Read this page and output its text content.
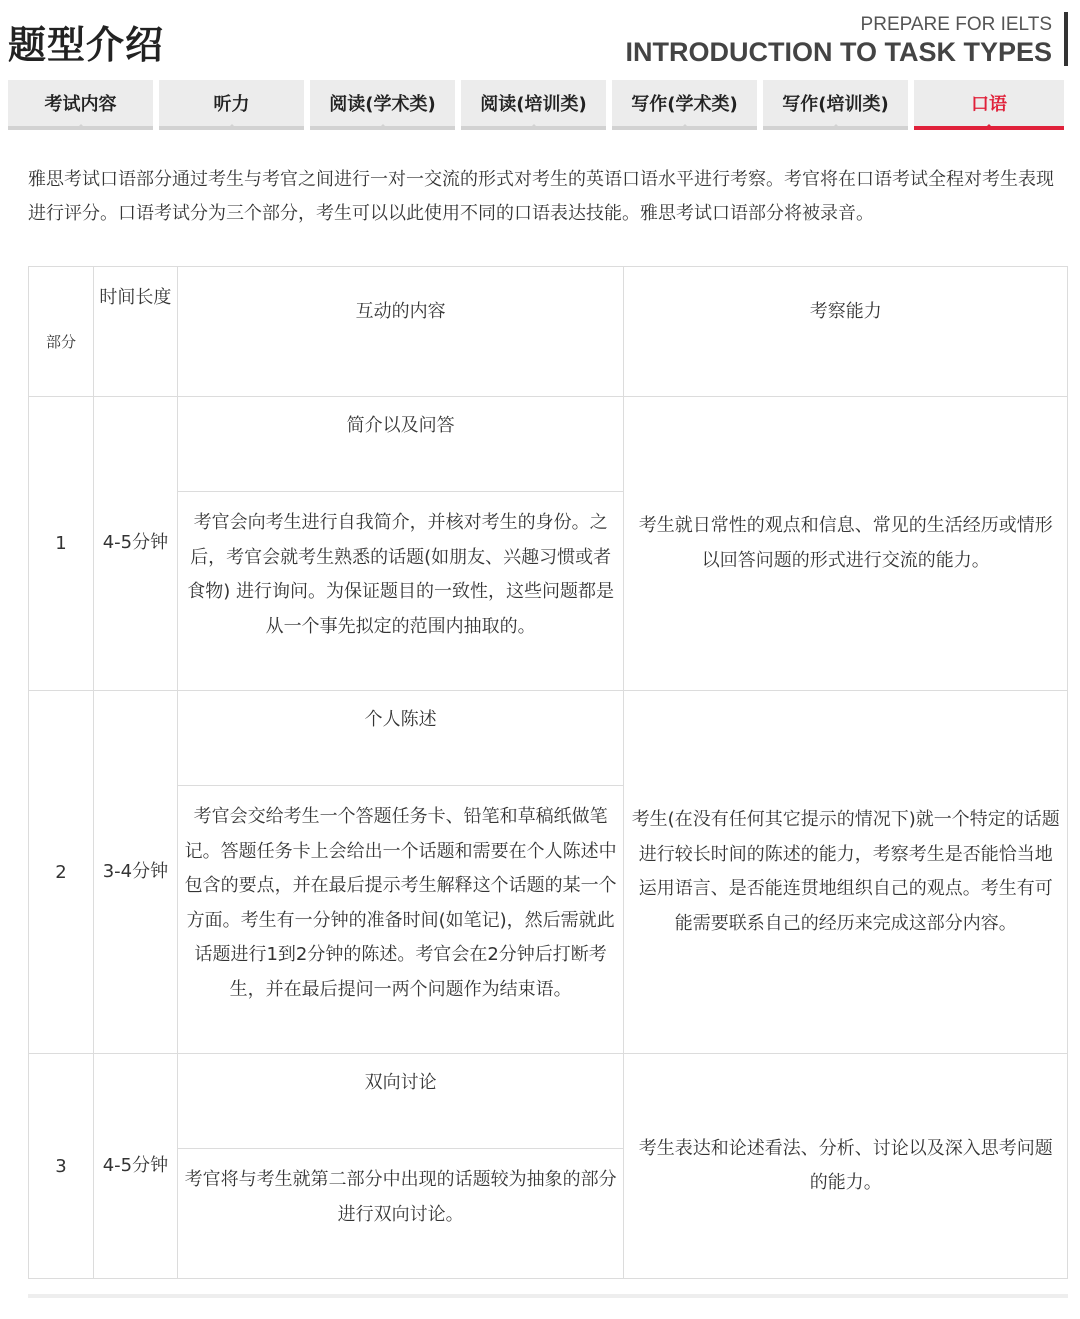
题型介绍	PREPARE FOR IELTS
INTRODUCTION TO TASK TYPES
考试内容	听力	阅读(学术类)	阅读(培训类)	写作(学术类)	写作(培训类)	口语

雅思考试口语部分通过考生与考官之间进行一对一交流的形式对考生的英语口语水平进行考察。考官将在口语考试全程对考生表现进行评分。口语考试分为三个部分，考生可以以此使用不同的口语表达技能。雅思考试口语部分将被录音。

部分	时间长度	互动的内容	考察能力
1	4-5分钟	简介以及问答	考生就日常性的观点和信息、常见的生活经历或情形以回答问题的形式进行交流的能力。

		考官会向考生进行自我简介，并核对考生的身份。之后，考官会就考生熟悉的话题(如朋友、兴趣习惯或者食物) 进行询问。为保证题目的一致性，这些问题都是从一个事先拟定的范围内抽取的。	

2	3-4分钟	个人陈述	考生(在没有任何其它提示的情况下)就一个特定的话题进行较长时间的陈述的能力，考察考生是否能恰当地运用语言、是否能连贯地组织自己的观点。考生有可能需要联系自己的经历来完成这部分内容。

		考官会交给考生一个答题任务卡、铅笔和草稿纸做笔记。答题任务卡上会给出一个话题和需要在个人陈述中包含的要点，并在最后提示考生解释这个话题的某一个方面。考生有一分钟的准备时间(如笔记)，然后需就此话题进行1到2分钟的陈述。考官会在2分钟后打断考生，并在最后提问一两个问题作为结束语。	

3	4-5分钟	双向讨论	考生表达和论述看法、分析、讨论以及深入思考问题的能力。

		考官将与考生就第二部分中出现的话题较为抽象的部分进行双向讨论。	
